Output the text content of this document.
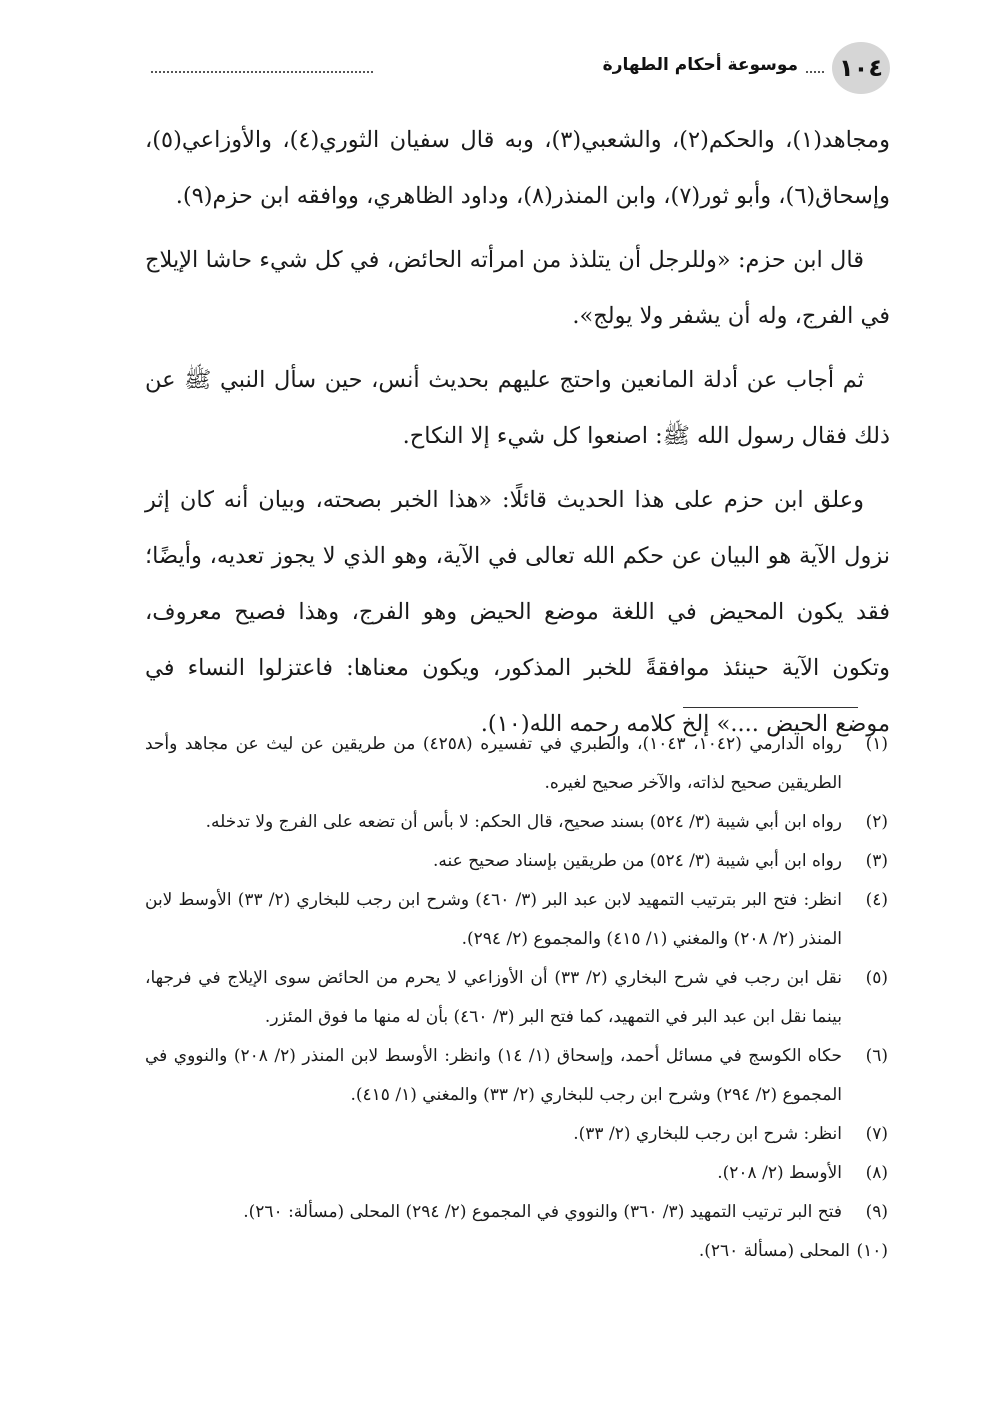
١٠٤
موسوعة أحكام الطهارة

ومجاهد(١)، والحكم(٢)، والشعبي(٣)، وبه قال سفيان الثوري(٤)، والأوزاعي(٥)، وإسحاق(٦)، وأبو ثور(٧)، وابن المنذر(٨)، وداود الظاهري، ووافقه ابن حزم(٩).

قال ابن حزم: «وللرجل أن يتلذذ من امرأته الحائض، في كل شيء حاشا الإيلاج في الفرج، وله أن يشفر ولا يولج».

ثم أجاب عن أدلة المانعين واحتج عليهم بحديث أنس، حين سأل النبي ﷺ عن ذلك فقال رسول الله ﷺ: اصنعوا كل شيء إلا النكاح.

وعلق ابن حزم على هذا الحديث قائلًا: «هذا الخبر بصحته، وبيان أنه كان إثر نزول الآية هو البيان عن حكم الله تعالى في الآية، وهو الذي لا يجوز تعديه، وأيضًا؛ فقد يكون المحيض في اللغة موضع الحيض وهو الفرج، وهذا فصيح معروف، وتكون الآية حينئذ موافقةً للخبر المذكور، ويكون معناها: فاعتزلوا النساء في موضع الحيض ....» إلخ كلامه رحمه الله(١٠).

(١)
رواه الدارمي (١٠٤٢، ١٠٤٣)، والطبري في تفسيره (٤٢٥٨) من طريقين عن ليث عن مجاهد وأحد الطريقين صحيح لذاته، والآخر صحيح لغيره.
(٢)
رواه ابن أبي شيبة (٣/ ٥٢٤) بسند صحيح، قال الحكم: لا بأس أن تضعه على الفرج ولا تدخله.
(٣)
رواه ابن أبي شيبة (٣/ ٥٢٤) من طريقين بإسناد صحيح عنه.
(٤)
انظر: فتح البر بترتيب التمهيد لابن عبد البر (٣/ ٤٦٠) وشرح ابن رجب للبخاري (٢/ ٣٣) الأوسط لابن المنذر (٢/ ٢٠٨) والمغني (١/ ٤١٥) والمجموع (٢/ ٢٩٤).
(٥)
نقل ابن رجب في شرح البخاري (٢/ ٣٣) أن الأوزاعي لا يحرم من الحائض سوى الإيلاج في فرجها، بينما نقل ابن عبد البر في التمهيد، كما فتح البر (٣/ ٤٦٠) بأن له منها ما فوق المئزر.
(٦)
حكاه الكوسج في مسائل أحمد، وإسحاق (١/ ١٤) وانظر: الأوسط لابن المنذر (٢/ ٢٠٨) والنووي في المجموع (٢/ ٢٩٤) وشرح ابن رجب للبخاري (٢/ ٣٣) والمغني (١/ ٤١٥).
(٧)
انظر: شرح ابن رجب للبخاري (٢/ ٣٣).
(٨)
الأوسط (٢/ ٢٠٨).
(٩)
فتح البر ترتيب التمهيد (٣/ ٣٦٠) والنووي في المجموع (٢/ ٢٩٤) المحلى (مسألة: ٢٦٠).
(١٠)
المحلى (مسألة ٢٦٠).
